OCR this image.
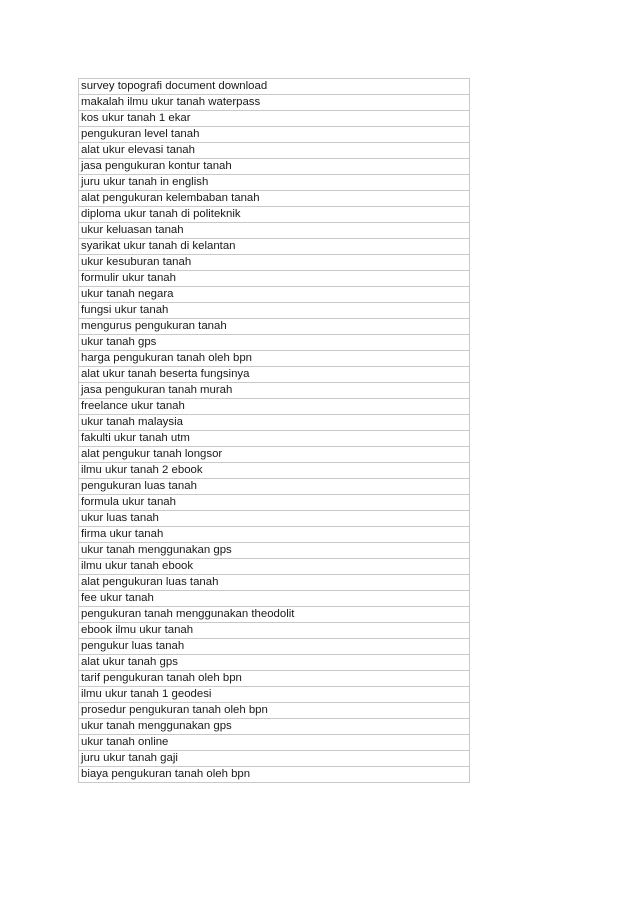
survey topografi document download
makalah ilmu ukur tanah waterpass
kos ukur tanah 1 ekar
pengukuran level tanah
alat ukur elevasi tanah
jasa pengukuran kontur tanah
juru ukur tanah in english
alat pengukuran kelembaban tanah
diploma ukur tanah di politeknik
ukur keluasan tanah
syarikat ukur tanah di kelantan
ukur kesuburan tanah
formulir ukur tanah
ukur tanah negara
fungsi ukur tanah
mengurus pengukuran tanah
ukur tanah gps
harga pengukuran tanah oleh bpn
alat ukur tanah beserta fungsinya
jasa pengukuran tanah murah
freelance ukur tanah
ukur tanah malaysia
fakulti ukur tanah utm
alat pengukur tanah longsor
ilmu ukur tanah 2 ebook
pengukuran luas tanah
formula ukur tanah
ukur luas tanah
firma ukur tanah
ukur tanah menggunakan gps
ilmu ukur tanah ebook
alat pengukuran luas tanah
fee ukur tanah
pengukuran tanah menggunakan theodolit
ebook ilmu ukur tanah
pengukur luas tanah
alat ukur tanah gps
tarif pengukuran tanah oleh bpn
ilmu ukur tanah 1 geodesi
prosedur pengukuran tanah oleh bpn
ukur tanah menggunakan gps
ukur tanah online
juru ukur tanah gaji
biaya pengukuran tanah oleh bpn
